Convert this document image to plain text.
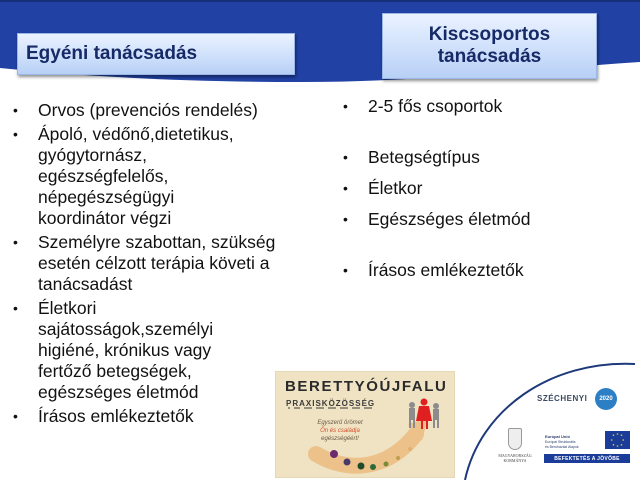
Egyéni tanácsadás
Kiscsoportos
tanácsadás
• Orvos (prevenciós rendelés)
• Ápoló, védőnő,dietetikus, gyógytornász, egészségfelelős, népegészségügyi koordinátor végzi
• Személyre szabottan, szükség esetén célzott terápia követi a tanácsadást
• Életkori sajátosságok,személyi higiéné, krónikus vagy fertőző betegségek, egészséges életmód
• Írásos emlékeztetők
• 2-5 fős csoportok
• Betegségtípus
• Életkor
• Egészséges életmód
• Írásos emlékeztetők
BERETTYÓÚJFALU
PRAXISKÖZÖSSÉG
Egyszerű örömet
Ön és családja
egészségéért!
SZÉCHENYI	2020
MAGYARORSZÁG
KORMÁNYA
Európai Unió
Európai Strukturális
és Beruházási Alapok
BEFEKTETÉS A JÖVŐBE
